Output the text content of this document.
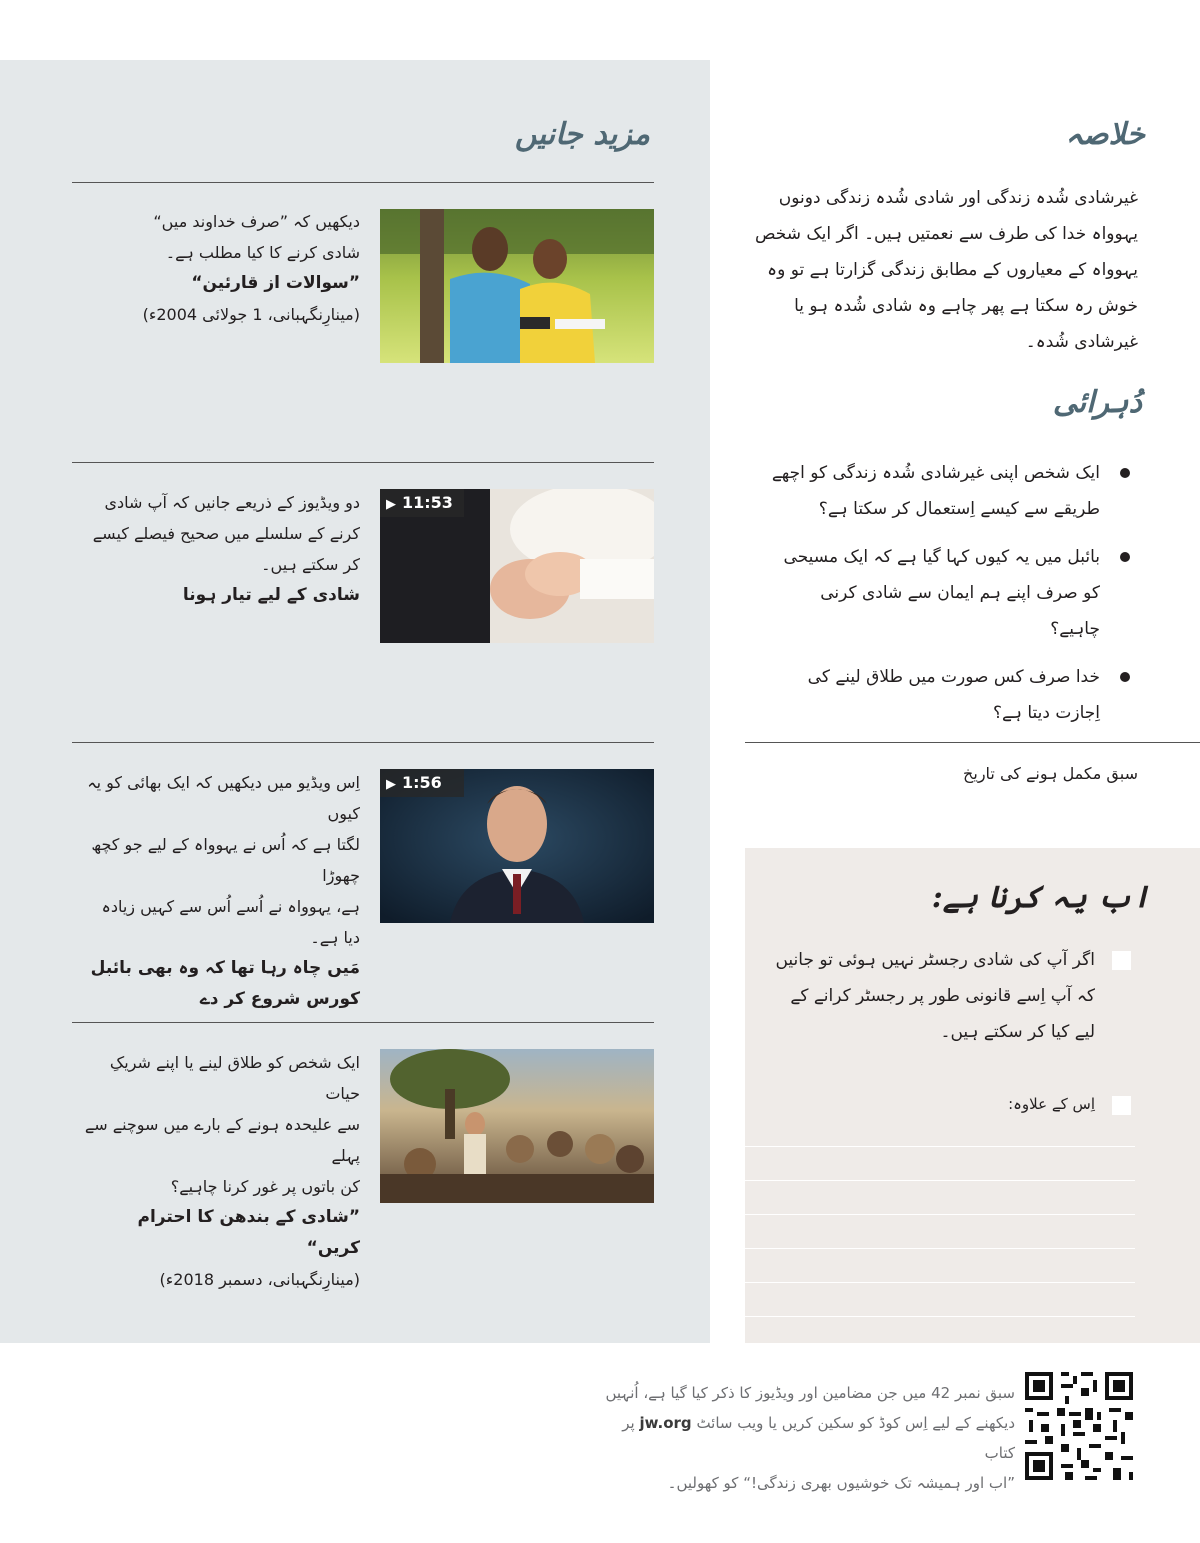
مزید جانیں
دیکھیں کہ ”صرف خداوند میں“
شادی کرنے کا کیا مطلب ہے۔
”سوالات از قارئین“
(مینارِنگہبانی، 1 جولائی 2004ء)
▶ 11:53
دو ویڈیوز کے ذریعے جانیں کہ آپ شادی
کرنے کے سلسلے میں صحیح فیصلے کیسے کر سکتے ہیں۔
شادی کے لیے تیار ہونا
▶ 1:56
اِس ویڈیو میں دیکھیں کہ ایک بھائی کو یہ کیوں
لگتا ہے کہ اُس نے یہوواہ کے لیے جو کچھ چھوڑا
ہے، یہوواہ نے اُسے اُس سے کہیں زیادہ دیا ہے۔
مَیں چاہ رہا تھا کہ وہ بھی بائبل کورس شروع کر دے
ایک شخص کو طلاق لینے یا اپنے شریکِ حیات
سے علیحدہ ہونے کے بارے میں سوچنے سے پہلے
کن باتوں پر غور کرنا چاہیے؟
”شادی کے بندھن کا احترام کریں“
(مینارِنگہبانی، دسمبر 2018ء)
خلاصہ
غیرشادی شُدہ زندگی اور شادی شُدہ زندگی دونوں یہوواہ خدا کی طرف سے نعمتیں ہیں۔ اگر ایک شخص یہوواہ کے معیاروں کے مطابق زندگی گزارتا ہے تو وہ خوش رہ سکتا ہے پھر چاہے وہ شادی شُدہ ہو یا غیرشادی شُدہ۔
دُہرائی
ایک شخص اپنی غیرشادی شُدہ زندگی کو اچھے طریقے سے کیسے اِستعمال کر سکتا ہے؟
بائبل میں یہ کیوں کہا گیا ہے کہ ایک مسیحی کو صرف اپنے ہم ایمان سے شادی کرنی چاہیے؟
خدا صرف کس صورت میں طلاق لینے کی اِجازت دیتا ہے؟
سبق مکمل ہونے کی تاریخ
اب یہ کرنا ہے:
اگر آپ کی شادی رجسٹر نہیں ہوئی تو جانیں کہ آپ اِسے قانونی طور پر رجسٹر کرانے کے لیے کیا کر سکتے ہیں۔
اِس کے علاوہ:
سبق نمبر 42 میں جن مضامین اور ویڈیوز کا ذکر کیا گیا ہے، اُنہیں
دیکھنے کے لیے اِس کوڈ کو سکین کریں یا ویب سائٹ jw.org پر کتاب
”اب اور ہمیشہ تک خوشیوں بھری زندگی!“ کو کھولیں۔
